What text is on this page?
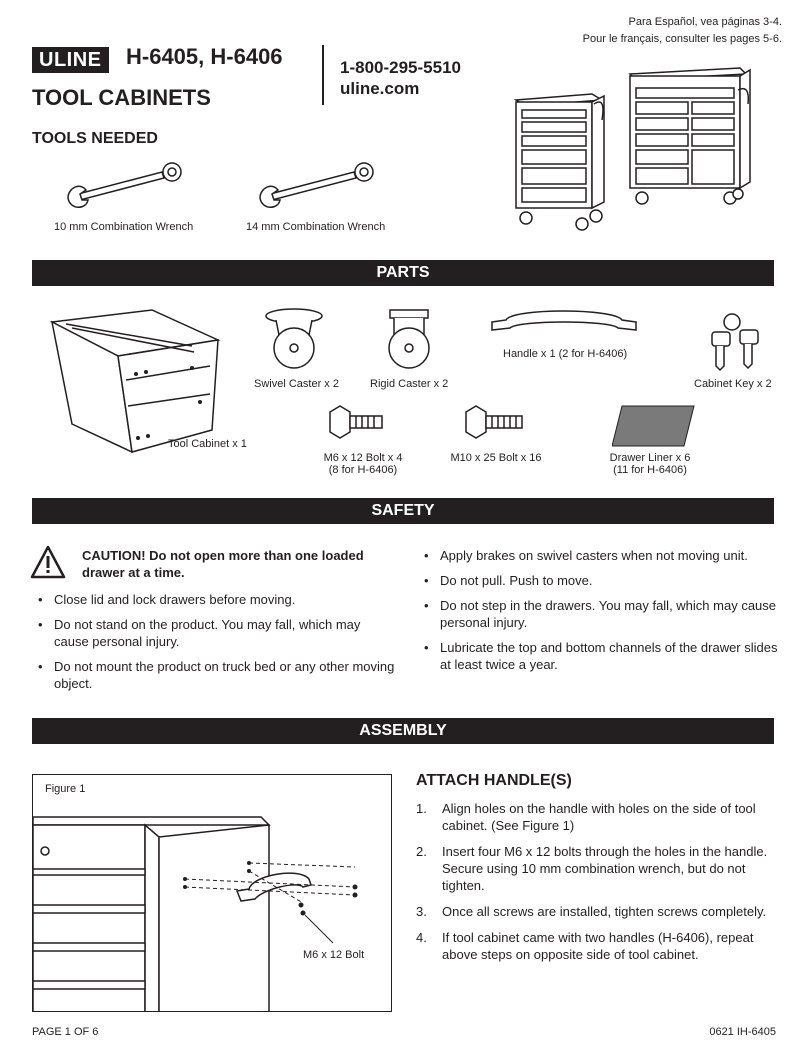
Para Español, vea páginas 3-4.
Pour le français, consulter les pages 5-6.
ULINE	H-6405, H-6406
TOOL CABINETS
1-800-295-5510
uline.com
TOOLS NEEDED
10 mm Combination Wrench	14 mm Combination Wrench
PARTS
Tool Cabinet x 1
Swivel Caster x 2	Rigid Caster x 2
Handle x 1 (2 for H-6406)
Cabinet Key x 2
M6 x 12 Bolt x 4
(8 for H-6406)
M10 x 25 Bolt x 16	Drawer Liner x 6
(11 for H-6406)
SAFETY
CAUTION! Do not open more than one loaded
drawer at a time.
• Close lid and lock drawers before moving.
• Do not stand on the product. You may fall, which may cause personal injury.
• Do not mount the product on truck bed or any other moving object.
• Apply brakes on swivel casters when not moving unit.
• Do not pull. Push to move.
• Do not step in the drawers. You may fall, which may cause personal injury.
• Lubricate the top and bottom channels of the drawer slides at least twice a year.
ASSEMBLY
Figure 1
M6 x 12 Bolt
ATTACH HANDLE(S)
1. Align holes on the handle with holes on the side of tool cabinet. (See Figure 1)
2. Insert four M6 x 12 bolts through the holes in the handle. Secure using 10 mm combination wrench, but do not tighten.
3. Once all screws are installed, tighten screws completely.
4. If tool cabinet came with two handles (H-6406), repeat above steps on opposite side of tool cabinet.
PAGE 1 OF 6	0621 IH-6405
